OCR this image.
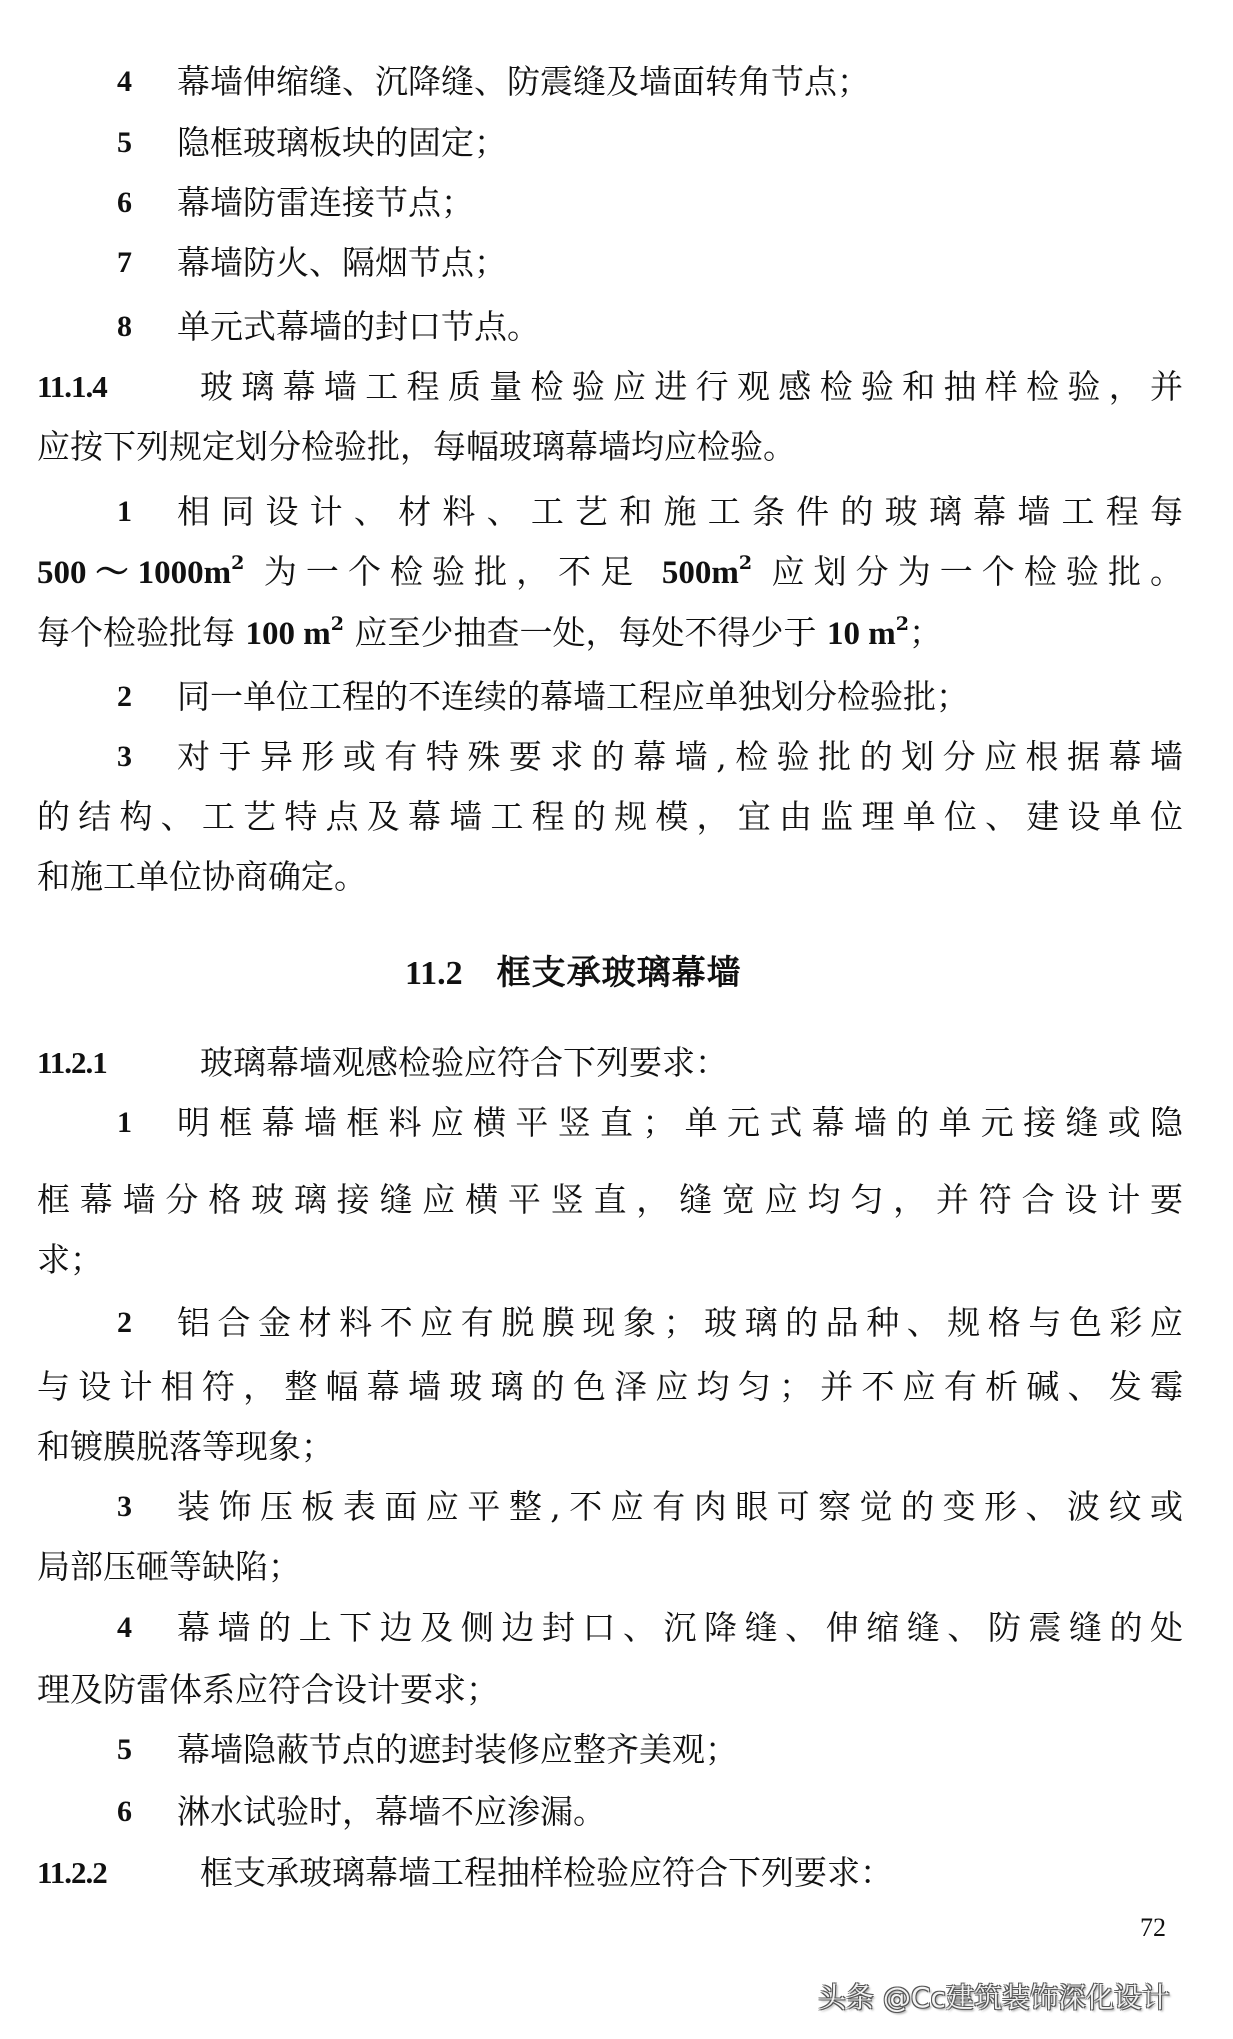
4 幕墙伸缩缝、沉降缝、防震缝及墙面转角节点；
5 隐框玻璃板块的固定；
6 幕墙防雷连接节点；
7 幕墙防火、隔烟节点；
8 单元式幕墙的封口节点。
11.1.4	玻璃幕墙工程质量检验应进行观感检验和抽样检验，并
应按下列规定划分检验批，每幅玻璃幕墙均应检验。
1 相同设计、材料、工艺和施工条件的玻璃幕墙工程每
$500\sim 1000m^2$ 为一个检验批，不足 $500m^2$ 应划分为一个检验批。
每个检验批每 100 $m^2$ 应至少抽查一处，每处不得少于 10 $m^2$；
2 同一单位工程的不连续的幕墙工程应单独划分检验批；
3 对于异形或有特殊要求的幕墙,检验批的划分应根据幕墙
的结构、工艺特点及幕墙工程的规模，宜由监理单位、建设单位
和施工单位协商确定。
11.2 框支承玻璃幕墙
11.2.1	玻璃幕墙观感检验应符合下列要求：
1 明框幕墙框料应横平竖直；单元式幕墙的单元接缝或隐
框幕墙分格玻璃接缝应横平竖直，缝宽应均匀，并符合设计要
求；
2 铝合金材料不应有脱膜现象；玻璃的品种、规格与色彩应
与设计相符，整幅幕墙玻璃的色泽应均匀；并不应有析碱、发霉
和镀膜脱落等现象；
3 装饰压板表面应平整,不应有肉眼可察觉的变形、波纹或
局部压砸等缺陷；
4 幕墙的上下边及侧边封口、沉降缝、伸缩缝、防震缝的处
理及防雷体系应符合设计要求；
5 幕墙隐蔽节点的遮封装修应整齐美观；
6 淋水试验时，幕墙不应渗漏。
11.2.2	框支承玻璃幕墙工程抽样检验应符合下列要求：
72
头条 @Cc建筑装饰深化设计
